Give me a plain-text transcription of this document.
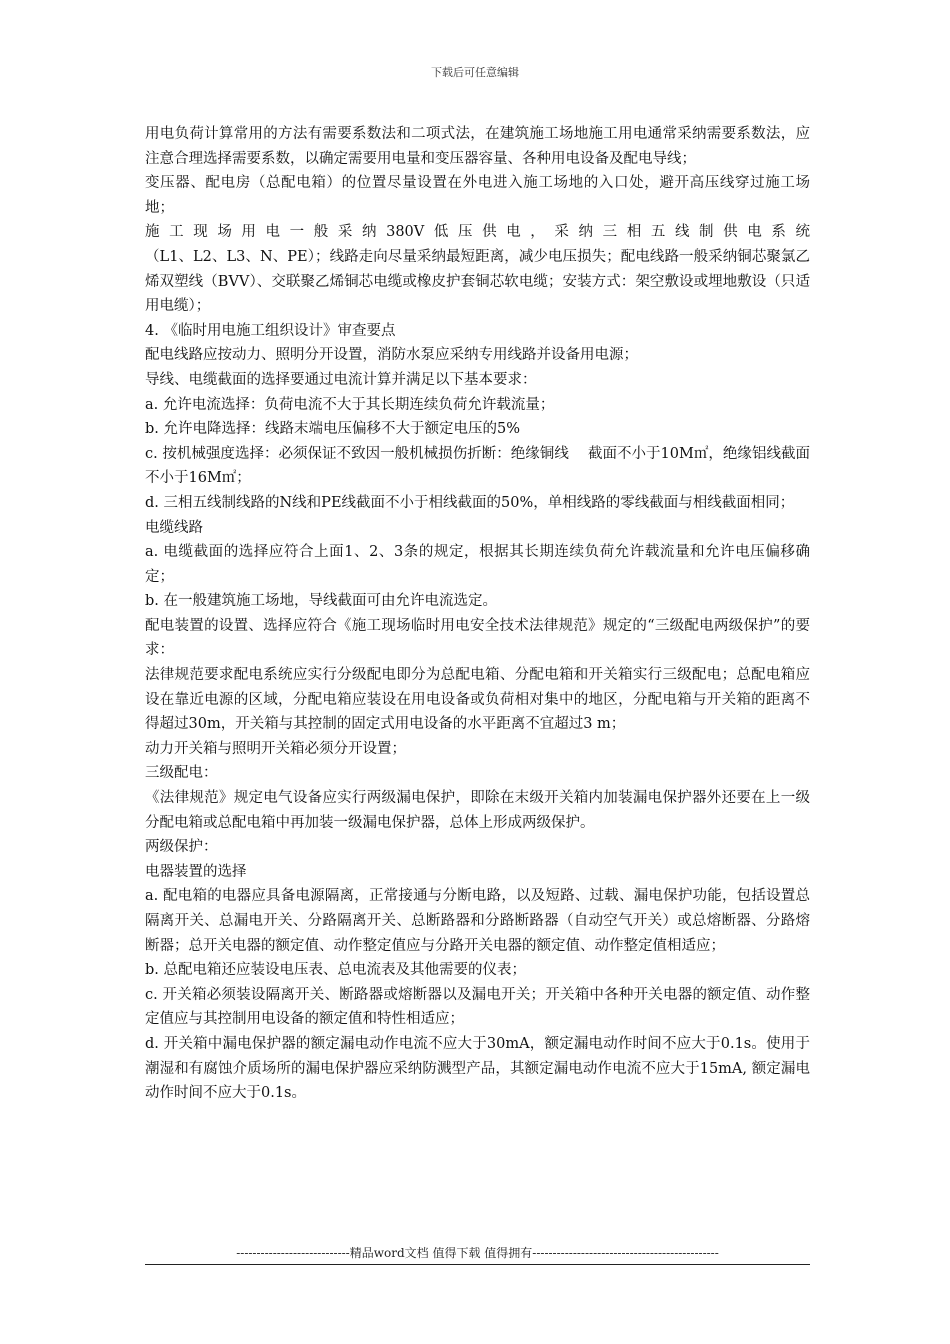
下载后可任意编辑

用电负荷计算常用的方法有需要系数法和二项式法，在建筑施工场地施工用电通常采纳需要系数法，应注意合理选择需要系数，以确定需要用电量和变压器容量、各种用电设备及配电导线；

变压器、配电房（总配电箱）的位置尽量设置在外电进入施工场地的入口处，避开高压线穿过施工场地；

施工现场用电一般采纳380V低压供电，采纳三相五线制供电系统

（L1、L2、L3、N、PE）；线路走向尽量采纳最短距离，减少电压损失；配电线路一般采纳铜芯聚氯乙烯双塑线（BVV）、交联聚乙烯铜芯电缆或橡皮护套铜芯软电缆；安装方式：架空敷设或埋地敷设（只适用电缆）；

4. 《临时用电施工组织设计》审查要点

配电线路应按动力、照明分开设置，消防水泵应采纳专用线路并设备用电源；

导线、电缆截面的选择要通过电流计算并满足以下基本要求：

a. 允许电流选择：负荷电流不大于其长期连续负荷允许载流量；

b. 允许电降选择：线路末端电压偏移不大于额定电压的5%

c. 按机械强度选择：必须保证不致因一般机械损伤折断：绝缘铜线　 截面不小于10M㎡，绝缘铝线截面不小于16M㎡；

d. 三相五线制线路的N线和PE线截面不小于相线截面的50%，单相线路的零线截面与相线截面相同；

电缆线路

a. 电缆截面的选择应符合上面1、2、3条的规定，根据其长期连续负荷允许载流量和允许电压偏移确定；

b. 在一般建筑施工场地，导线截面可由允许电流选定。

配电装置的设置、选择应符合《施工现场临时用电安全技术法律规范》规定的“三级配电两级保护”的要求：

法律规范要求配电系统应实行分级配电即分为总配电箱、分配电箱和开关箱实行三级配电；总配电箱应设在靠近电源的区域，分配电箱应装设在用电设备或负荷相对集中的地区，分配电箱与开关箱的距离不得超过30m，开关箱与其控制的固定式用电设备的水平距离不宜超过3 m；

动力开关箱与照明开关箱必须分开设置；

三级配电：

《法律规范》规定电气设备应实行两级漏电保护，即除在末级开关箱内加装漏电保护器外还要在上一级分配电箱或总配电箱中再加装一级漏电保护器，总体上形成两级保护。

两级保护：

电器装置的选择

a. 配电箱的电器应具备电源隔离，正常接通与分断电路，以及短路、过载、漏电保护功能，包括设置总隔离开关、总漏电开关、分路隔离开关、总断路器和分路断路器（自动空气开关）或总熔断器、分路熔断器；总开关电器的额定值、动作整定值应与分路开关电器的额定值、动作整定值相适应；

b. 总配电箱还应装设电压表、总电流表及其他需要的仪表；

c. 开关箱必须装设隔离开关、断路器或熔断器以及漏电开关；开关箱中各种开关电器的额定值、动作整定值应与其控制用电设备的额定值和特性相适应；

d. 开关箱中漏电保护器的额定漏电动作电流不应大于30mA，额定漏电动作时间不应大于0.1s。使用于潮湿和有腐蚀介质场所的漏电保护器应采纳防溅型产品，其额定漏电动作电流不应大于15mA, 额定漏电动作时间不应大于0.1s。

----------------------------精品word文档 值得下载 值得拥有----------------------------------------------
